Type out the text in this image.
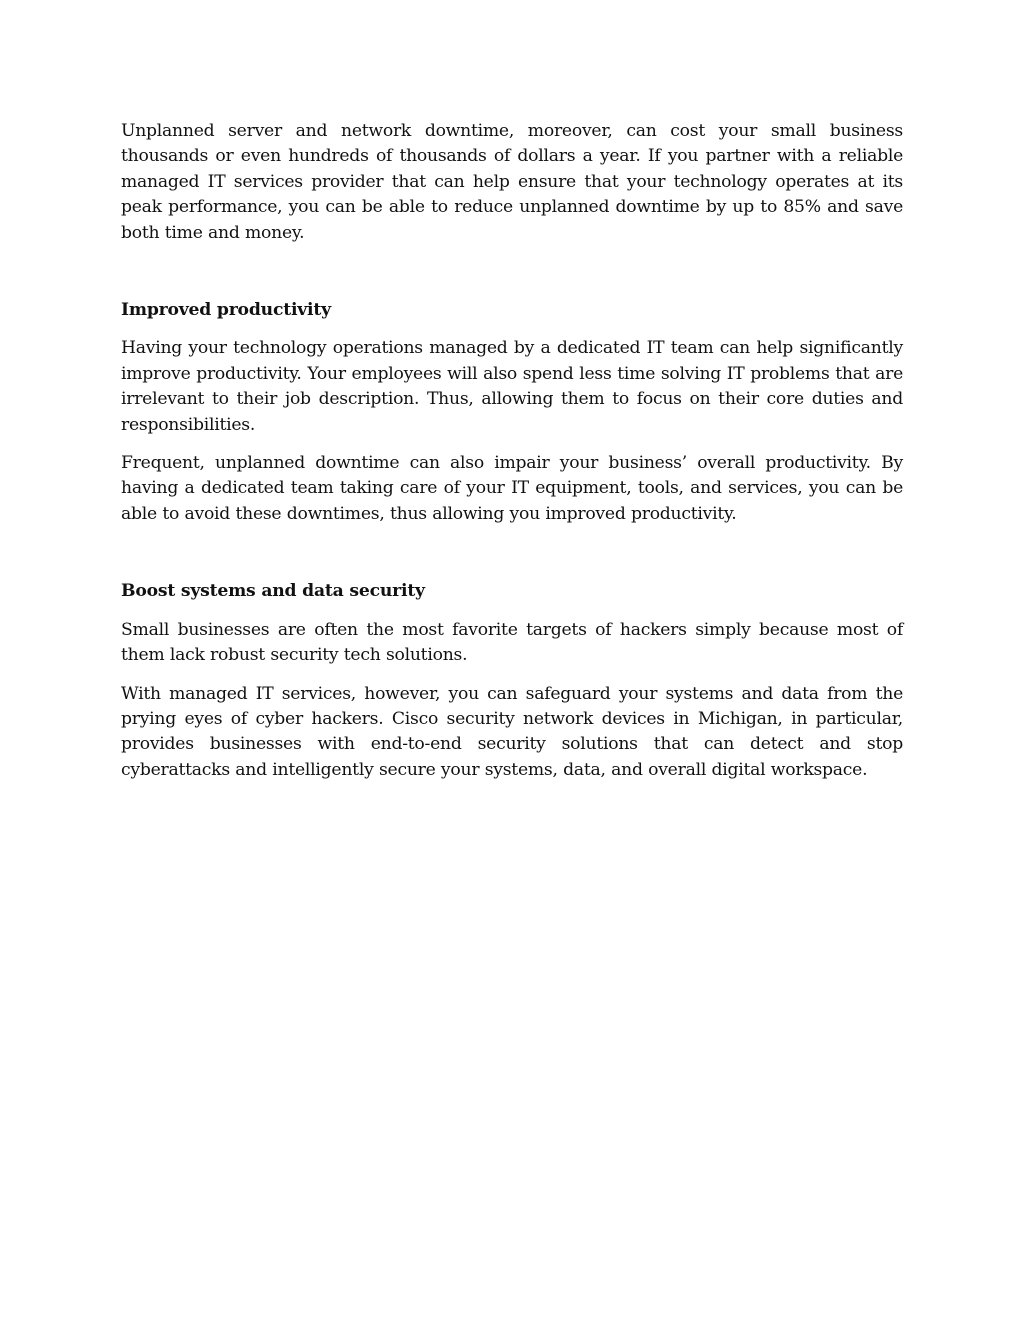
Unplanned server and network downtime, moreover, can cost your small business thousands or even hundreds of thousands of dollars a year. If you partner with a reliable managed IT services provider that can help ensure that your technology operates at its peak performance, you can be able to reduce unplanned downtime by up to 85% and save both time and money.

Improved productivity

Having your technology operations managed by a dedicated IT team can help significantly improve productivity. Your employees will also spend less time solving IT problems that are irrelevant to their job description. Thus, allowing them to focus on their core duties and responsibilities.

Frequent, unplanned downtime can also impair your business’ overall productivity. By having a dedicated team taking care of your IT equipment, tools, and services, you can be able to avoid these downtimes, thus allowing you improved productivity.

Boost systems and data security

Small businesses are often the most favorite targets of hackers simply because most of them lack robust security tech solutions.

With managed IT services, however, you can safeguard your systems and data from the prying eyes of cyber hackers. Cisco security network devices in Michigan, in particular, provides businesses with end-to-end security solutions that can detect and stop cyberattacks and intelligently secure your systems, data, and overall digital workspace.
